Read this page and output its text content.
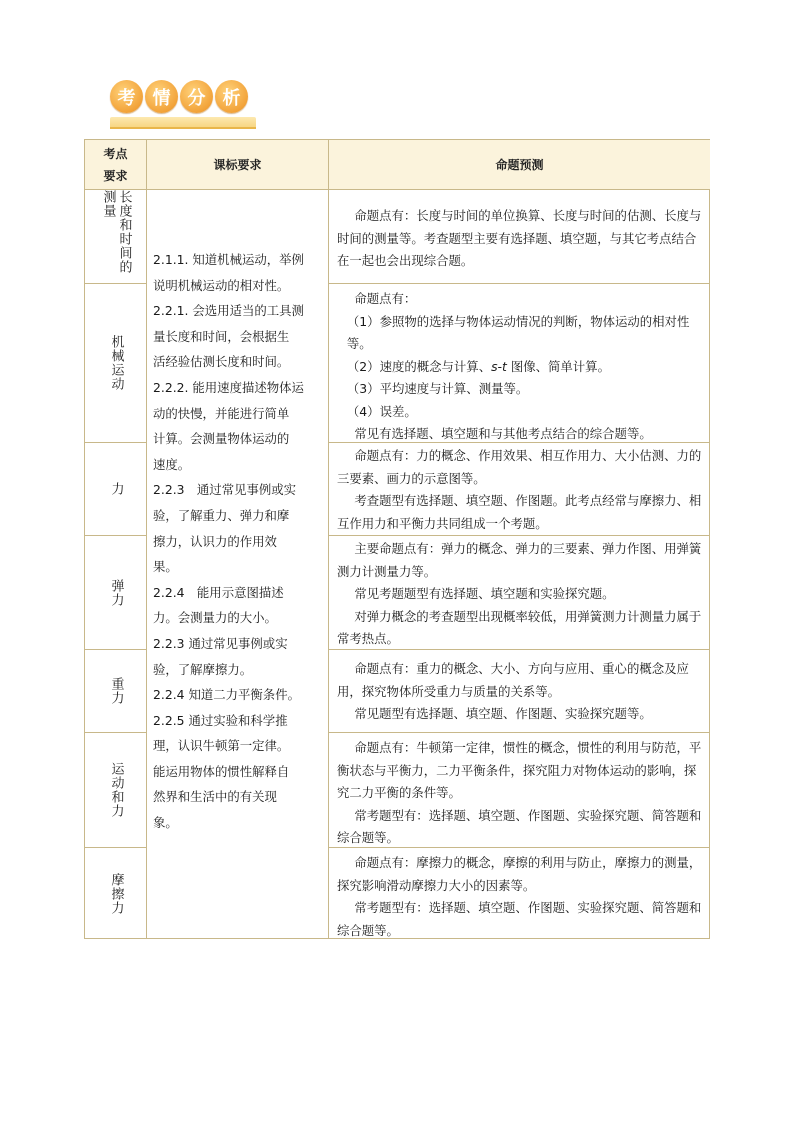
考 情 分 析
考点
要求
课标要求	命题预测
2.1.1. 知道机械运动，举例
说明机械运动的相对性。
2.2.1. 会选用适当的工具测
量长度和时间，会根据生
活经验估测长度和时间。
2.2.2. 能用速度描述物体运
动的快慢，并能进行简单
计算。会测量物体运动的
速度。
2.2.3　通过常见事例或实
验，了解重力、弹力和摩
擦力，认识力的作用效
果。
2.2.4　能用示意图描述
力。会测量力的大小。
2.2.3 通过常见事例或实
验，了解摩擦力。
2.2.4 知道二力平衡条件。
2.2.5 通过实验和科学推
理，认识牛顿第一定律。
能运用物体的惯性解释自
然界和生活中的有关现
象。
长度和时间的测量	命题点有：长度与时间的单位换算、长度与时间的估测、长度与时间的测量等。考查题型主要有选择题、填空题，与其它考点结合在一起也会出现综合题。

机械运动

命题点有：

（1）参照物的选择与物体运动情况的判断，物体运动的相对性等。

（2）速度的概念与计算、s-t 图像、简单计算。

（3）平均速度与计算、测量等。

（4）误差。

常见有选择题、填空题和与其他考点结合的综合题等。

力

命题点有：力的概念、作用效果、相互作用力、大小估测、力的三要素、画力的示意图等。

考查题型有选择题、填空题、作图题。此考点经常与摩擦力、相互作用力和平衡力共同组成一个考题。

弹力

主要命题点有：弹力的概念、弹力的三要素、弹力作图、用弹簧测力计测量力等。

常见考题题型有选择题、填空题和实验探究题。

对弹力概念的考查题型出现概率较低，用弹簧测力计测量力属于常考热点。

重力

命题点有：重力的概念、大小、方向与应用、重心的概念及应用，探究物体所受重力与质量的关系等。

常见题型有选择题、填空题、作图题、实验探究题等。

运动和力

命题点有：牛顿第一定律，惯性的概念，惯性的利用与防范，平衡状态与平衡力，二力平衡条件，探究阻力对物体运动的影响，探究二力平衡的条件等。

常考题型有：选择题、填空题、作图题、实验探究题、简答题和综合题等。

摩擦力

命题点有：摩擦力的概念，摩擦的利用与防止，摩擦力的测量，探究影响滑动摩擦力大小的因素等。

常考题型有：选择题、填空题、作图题、实验探究题、简答题和综合题等。
